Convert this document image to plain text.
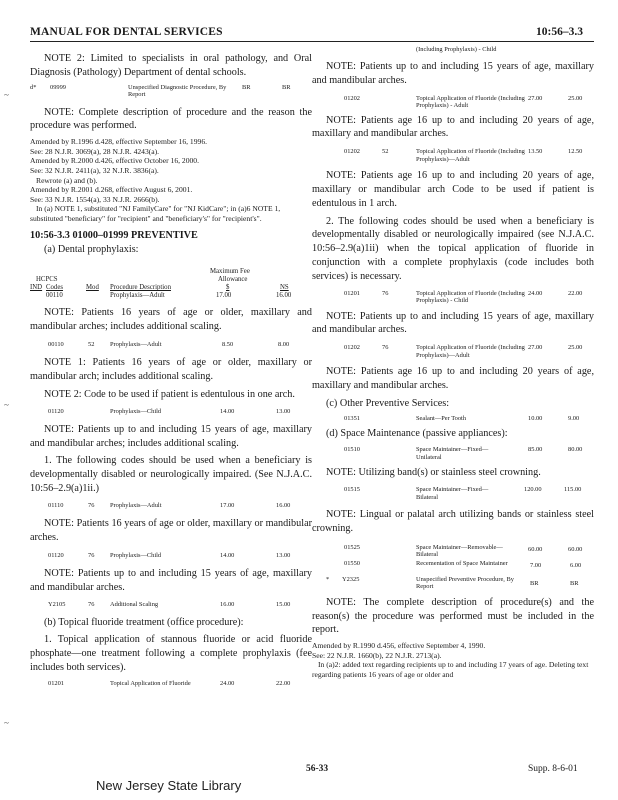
MANUAL FOR DENTAL SERVICES	10:56–3.3
~
~
~

NOTE 2: Limited to specialists in oral pathology, and Oral Diagnosis (Pathology) Department of dental schools.

d* 09999	Unspecified Diagnostic Procedure, By Report
BR	BR

NOTE: Complete description of procedure and the reason the procedure was performed.

Amended by R.1996 d.428, effective September 16, 1996.

See: 28 N.J.R. 3069(a), 28 N.J.R. 4243(a).

Amended by R.2000 d.426, effective October 16, 2000.

See: 32 N.J.R. 2411(a), 32 N.J.R. 3836(a).

Rewrote (a) and (b).

Amended by R.2001 d.268, effective August 6, 2001.

See: 33 N.J.R. 1554(a), 33 N.J.R. 2666(b).

In (a) NOTE 1, substituted "NJ FamilyCare" for "NJ KidCare"; in (a)6 NOTE 1, substituted "beneficiary" for "recipient" and "beneficiary's" for "recipient's".

10:56-3.3 01000–01999 PREVENTIVE

(a) Dental prophylaxis:

Maximum Fee
Allowance
HCPCS
$	NS
IND Codes	Mod Procedure Description
00110	Prophylaxis—Adult	17.00	16.00

NOTE: Patients 16 years of age or older, maxillary and mandibular arches; includes additional scaling.

00110	52 Prophylaxis—Adult	8.50	8.00

NOTE 1: Patients 16 years of age or older, maxillary or mandibular arch; includes additional scaling.

NOTE 2: Code to be used if patient is edentulous in one arch.

01120	Prophylaxis—Child	14.00	13.00

NOTE: Patients up to and including 15 years of age, maxillary and mandibular arches; includes additional scaling.

1. The following codes should be used when a beneficiary is developmentally disabled or neurologically impaired. (See N.J.A.C. 10:56–2.9(a)1ii.)

01110	76 Prophylaxis—Adult	17.00	16.00

NOTE: Patients 16 years of age or older, maxillary or mandibular arches.

01120	76 Prophylaxis—Child	14.00	13.00

NOTE: Patients up to and including 15 years of age, maxillary and mandibular arches.

Y2105	76 Additional Scaling	16.00	15.00

(b) Topical fluoride treatment (office procedure):

1. Topical application of stannous fluoride or acid fluoride phosphate—one treatment following a complete prophylaxis (fee includes both services).

01201	Topical Application of Fluoride	24.00	22.00
(Including Prophylaxis) - Child

NOTE: Patients up to and including 15 years of age, maxillary and mandibular arches.

01202	Topical Application of Fluoride (Including Prophylaxis) - Adult
27.00	25.00

NOTE: Patients age 16 up to and including 20 years of age, maxillary and mandibular arches.

01202	52	Topical Application of Fluoride (Including Prophylaxis)—Adult
13.50	12.50

NOTE: Patients age 16 up to and including 20 years of age, maxillary or mandibular arch Code to be used if patient is edentulous in 1 arch.

2. The following codes should be used when a beneficiary is developmentally disabled or neurologically impaired (see N.J.A.C. 10:56–2.9(a)1ii) when the topical application of fluoride in conjunction with a complete prophylaxis (code includes both services) is necessary.

01201	76	Topical Application of Fluoride (Including Prophylaxis) - Child
24.00	22.00

NOTE: Patients up to and including 15 years of age, maxillary and mandibular arches.

01202	76	Topical Application of Fluoride (Including Prophylaxis)—Adult
27.00	25.00

NOTE: Patients age 16 up to and including 20 years of age, maxillary and mandibular arches.

(c) Other Preventive Services:

01351	Sealant—Per Tooth	10.00	9.00

(d) Space Maintenance (passive appliances):

01510	Space Maintainer—Fixed—Unilateral
85.00	80.00

NOTE: Utilizing band(s) or stainless steel crowning.

01515	Space Maintainer—Fixed—Bilateral
120.00	115.00

NOTE: Lingual or palatal arch utilizing bands or stainless steel crowning.

01525	Space Maintainer—Removable—Bilateral
60.00	60.00
01550	Recementation of Space Maintainer	7.00	6.00
* Y2325	Unspecified Preventive Procedure, By Report
BR	BR

NOTE: The complete description of procedure(s) and the reason(s) the procedure was performed must be included in the report.

Amended by R.1990 d.456, effective September 4, 1990.

See: 22 N.J.R. 1660(b), 22 N.J.R. 2713(a).

In (a)2: added text regarding recipients up to and including 17 years of age. Deleting text regarding patients 16 years of age or older and

56-33	Supp. 8-6-01
New Jersey State Library
